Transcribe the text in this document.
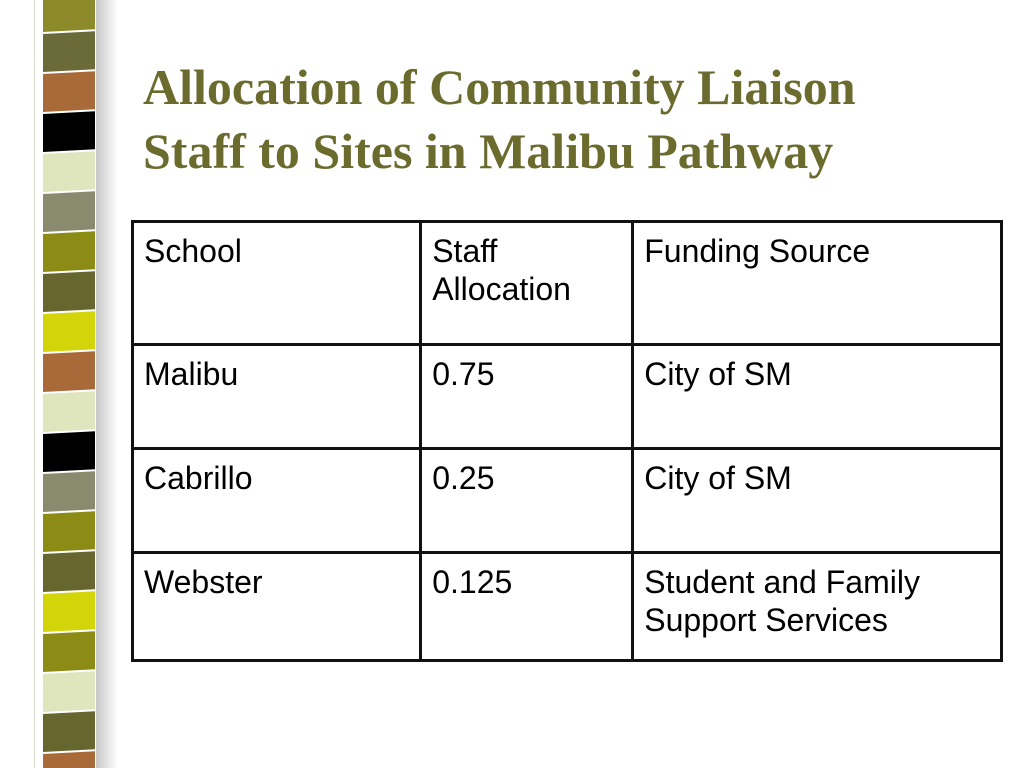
Allocation of Community Liaison
Staff to Sites in Malibu Pathway
School	Staff Allocation	Funding Source
Malibu	0.75	City of SM
Cabrillo	0.25	City of SM
Webster	0.125	Student and Family Support Services
